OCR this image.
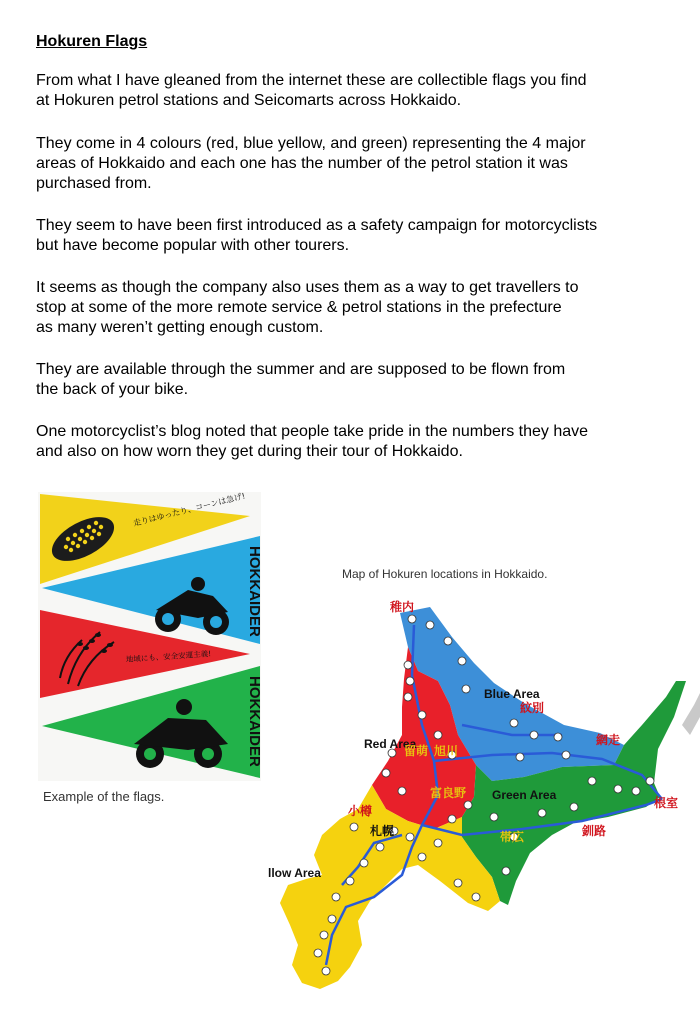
Hokuren Flags

From what I have gleaned from the internet these are collectible flags you find
at Hokuren petrol stations and Seicomarts across Hokkaido.

They come in 4 colours (red, blue yellow, and green) representing the 4 major
areas of Hokkaido and each one has the number of the petrol station it was
purchased from.

They seem to have been first introduced as a safety campaign for motorcyclists
but have become popular with other tourers.

It seems as though the company also uses them as a way to get travellers to
stop at some of the more remote service & petrol stations in the prefecture
as many weren’t getting enough custom.

They are available through the summer and are supposed to be flown from
the back of your bike.

One motorcyclist’s blog noted that people take pride in the numbers they have
and also on how worn they get during their tour of Hokkaido.

走りはゆったり、コーンは急げ!
HOKKAIDER
地域にも、安全安運主義!
HOKKAIDER

Example of the flags.

Map of Hokuren locations in Hokkaido.

Blue Area
Red Area
Green Area
llow Area
稚内
紋別
網走
留萌 旭川
富良野
小樽
札幌	帯広	釧路
根室
